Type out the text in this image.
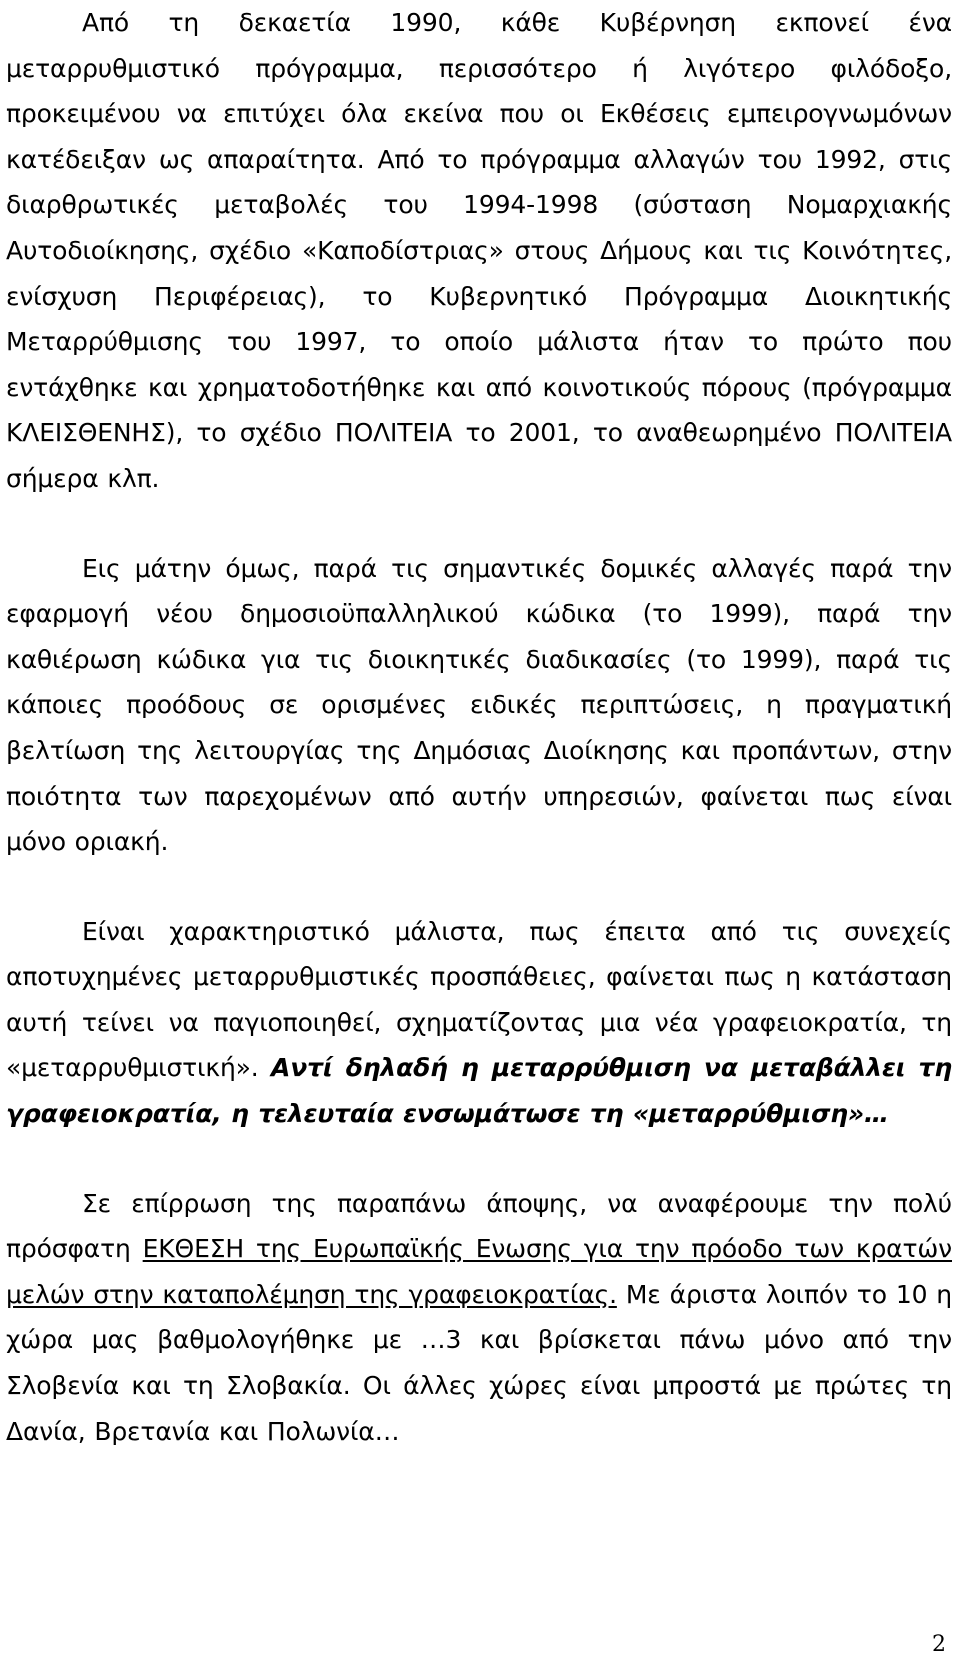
Από τη δεκαετία 1990, κάθε Κυβέρνηση εκπονεί ένα μεταρρυθμιστικό πρόγραμμα, περισσότερο ή λιγότερο φιλόδοξο, προκειμένου να επιτύχει όλα εκείνα που οι Εκθέσεις εμπειρογνωμόνων κατέδειξαν ως απαραίτητα. Από το πρόγραμμα αλλαγών του 1992, στις διαρθρωτικές μεταβολές του 1994-1998 (σύσταση Νομαρχιακής Αυτοδιοίκησης, σχέδιο «Καποδίστριας» στους Δήμους και τις Κοινότητες, ενίσχυση Περιφέρειας), το Κυβερνητικό Πρόγραμμα Διοικητικής Μεταρρύθμισης του 1997, το οποίο μάλιστα ήταν το πρώτο που εντάχθηκε και χρηματοδοτήθηκε και από κοινοτικούς πόρους (πρόγραμμα ΚΛΕΙΣΘΕΝΗΣ), το σχέδιο ΠΟΛΙΤΕΙΑ το 2001, το αναθεωρημένο ΠΟΛΙΤΕΙΑ σήμερα κλπ.

Εις μάτην όμως, παρά τις σημαντικές δομικές αλλαγές παρά την εφαρμογή νέου δημοσιοϋπαλληλικού κώδικα (το 1999), παρά την καθιέρωση κώδικα για τις διοικητικές διαδικασίες (το 1999), παρά τις κάποιες προόδους σε ορισμένες ειδικές περιπτώσεις, η πραγματική βελτίωση της λειτουργίας της Δημόσιας Διοίκησης και προπάντων, στην ποιότητα των παρεχομένων από αυτήν υπηρεσιών, φαίνεται πως είναι μόνο οριακή.

Είναι χαρακτηριστικό μάλιστα, πως έπειτα από τις συνεχείς αποτυχημένες μεταρρυθμιστικές προσπάθειες, φαίνεται πως η κατάσταση αυτή τείνει να παγιοποιηθεί, σχηματίζοντας μια νέα γραφειοκρατία, τη «μεταρρυθμιστική». Αντί δηλαδή η μεταρρύθμιση να μεταβάλλει τη γραφειοκρατία, η τελευταία ενσωμάτωσε τη «μεταρρύθμιση»…

Σε επίρρωση της παραπάνω άποψης, να αναφέρουμε την πολύ πρόσφατη ΕΚΘΕΣΗ της Ευρωπαϊκής Ενωσης για την πρόοδο των κρατών μελών στην καταπολέμηση της γραφειοκρατίας. Με άριστα λοιπόν το 10 η χώρα μας βαθμολογήθηκε με …3 και βρίσκεται πάνω μόνο από την Σλοβενία και τη Σλοβακία. Οι άλλες χώρες είναι μπροστά με πρώτες τη Δανία, Βρετανία και Πολωνία…

2
